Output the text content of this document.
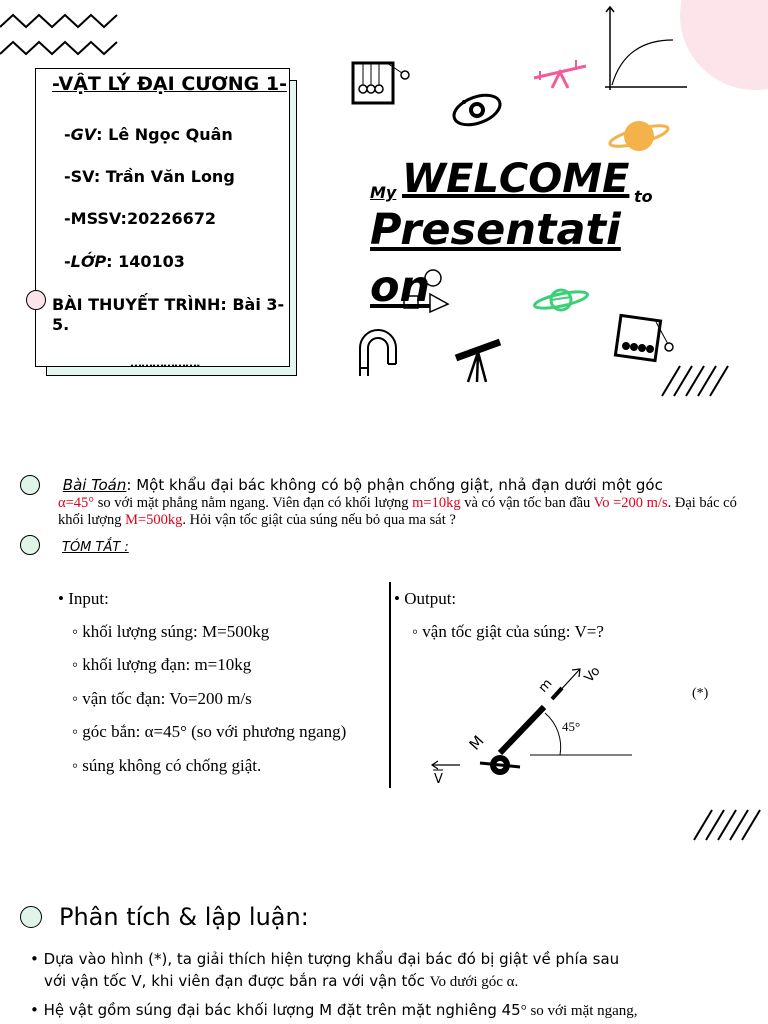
-VẬT LÝ ĐẠI CƯƠNG 1-
-GV: Lê Ngọc Quân
-SV: Trần Văn Long
-MSSV:20226672
-LỚP: 140103
BÀI THUYẾT TRÌNH: Bài 3-
5.
……………….
My WELCOME to
Presentati
on
Bài Toán: Một khẩu đại bác không có bộ phận chống giật, nhả đạn dưới một góc
α=45° so với mặt phẳng nằm ngang. Viên đạn có khối lượng m=10kg và có vận tốc ban đầu Vo =200 m/s. Đại bác có khối lượng M=500kg. Hỏi vận tốc giật của súng nếu bỏ qua ma sát ?
TÓM TẮT :
• Input:
◦ khối lượng súng: M=500kg
◦ khối lượng đạn: m=10kg
◦ vận tốc đạn: Vo=200 m/s
◦ góc bắn: α=45° (so với phương ngang)
◦ súng không có chống giật.
• Output:
◦ vận tốc giật của súng: V=?
(*)
45°
m
Vo
M
V
Phân tích & lập luận:
• Dựa vào hình (*), ta giải thích hiện tượng khẩu đại bác đó bị giật về phía sau
với vận tốc V, khi viên đạn được bắn ra với vận tốc Vo dưới góc α.
• Hệ vật gồm súng đại bác khối lượng M đặt trên mặt nghiêng 45° so với mặt ngang,
